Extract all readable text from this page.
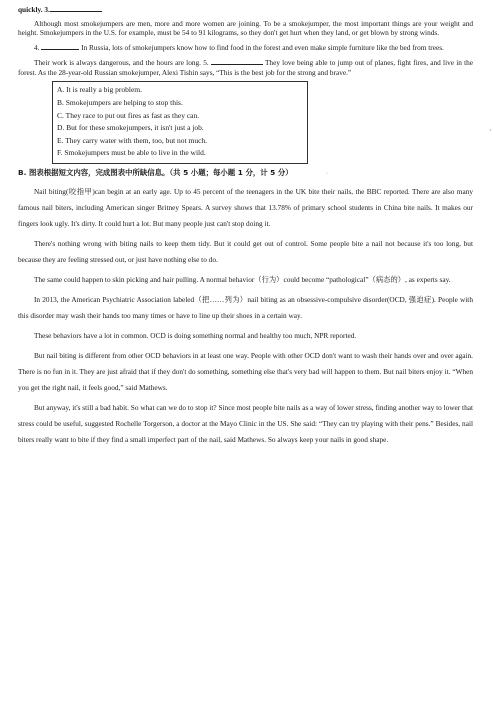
,
·

quickly. 3.

Although most smokejumpers are men, more and more women are joining. To be a smokejumper, the most important things are your weight and height. Smokejumpers in the U.S. for example, must be 54 to 91 kilograms, so they don't get hurt when they land, or get blown by strong winds.

4.	In Russia, lots of smokejumpers know how to find food in the forest and even make simple furniture like the bed from trees.

Their work is always dangerous, and the hours are long. 5.	They love being able to jump out of planes, fight fires, and live in the forest. As the 28-year-old Russian smokejumper, Alexi Tishin says, “This is the best job for the strong and brave.”

A. It is really a big problem.
B. Smokejumpers are helping to stop this.
C. They race to put out fires as fast as they can.
D. But for these smokejumpers, it isn't just a job.
E. They carry water with them, too, but not much.
F. Smokejumpers must be able to live in the wild.
B. 图表根据短文内容，完成图表中所缺信息。（共 5 小题；每小题 1 分，计 5 分）

Nail biting(咬指甲)can begin at an early age. Up to 45 percent of the teenagers in the UK bite their nails, the BBC reported. There are also many famous nail biters, including American singer Britney Spears. A survey shows that 13.78% of primary school students in China bite nails. It makes our fingers look ugly. It's dirty. It could hurt a lot. But many people just can't stop doing it.

There's nothing wrong with biting nails to keep them tidy. But it could get out of control. Some people bite a nail not because it's too long, but because they are feeling stressed out, or just have nothing else to do.

The same could happen to skin picking and hair pulling. A normal behavior（行为）could become “pathological”（病态的）, as experts say.

In 2013, the American Psychiatric Association labeled（把……列为）nail biting as an obsessive-compulsive disorder(OCD, 强迫症). People with this disorder may wash their hands too many times or have to line up their shoes in a certain way.

These behaviors have a lot in common. OCD is doing something normal and healthy too much, NPR reported.

But nail biting is different from other OCD behaviors in at least one way. People with other OCD don't want to wash their hands over and over again. There is no fun in it. They are just afraid that if they don't do something, something else that's very bad will happen to them. But nail biters enjoy it. “When you get the right nail, it feels good,” said Mathews.

But anyway, it's still a bad habit. So what can we do to stop it? Since most people bite nails as a way of lower stress, finding another way to lower that stress could be useful, suggested Rochelle Torgerson, a doctor at the Mayo Clinic in the US. She said: “They can try playing with their pens.” Besides, nail biters really want to bite if they find a small imperfect part of the nail, said Mathews. So always keep your nails in good shape.
